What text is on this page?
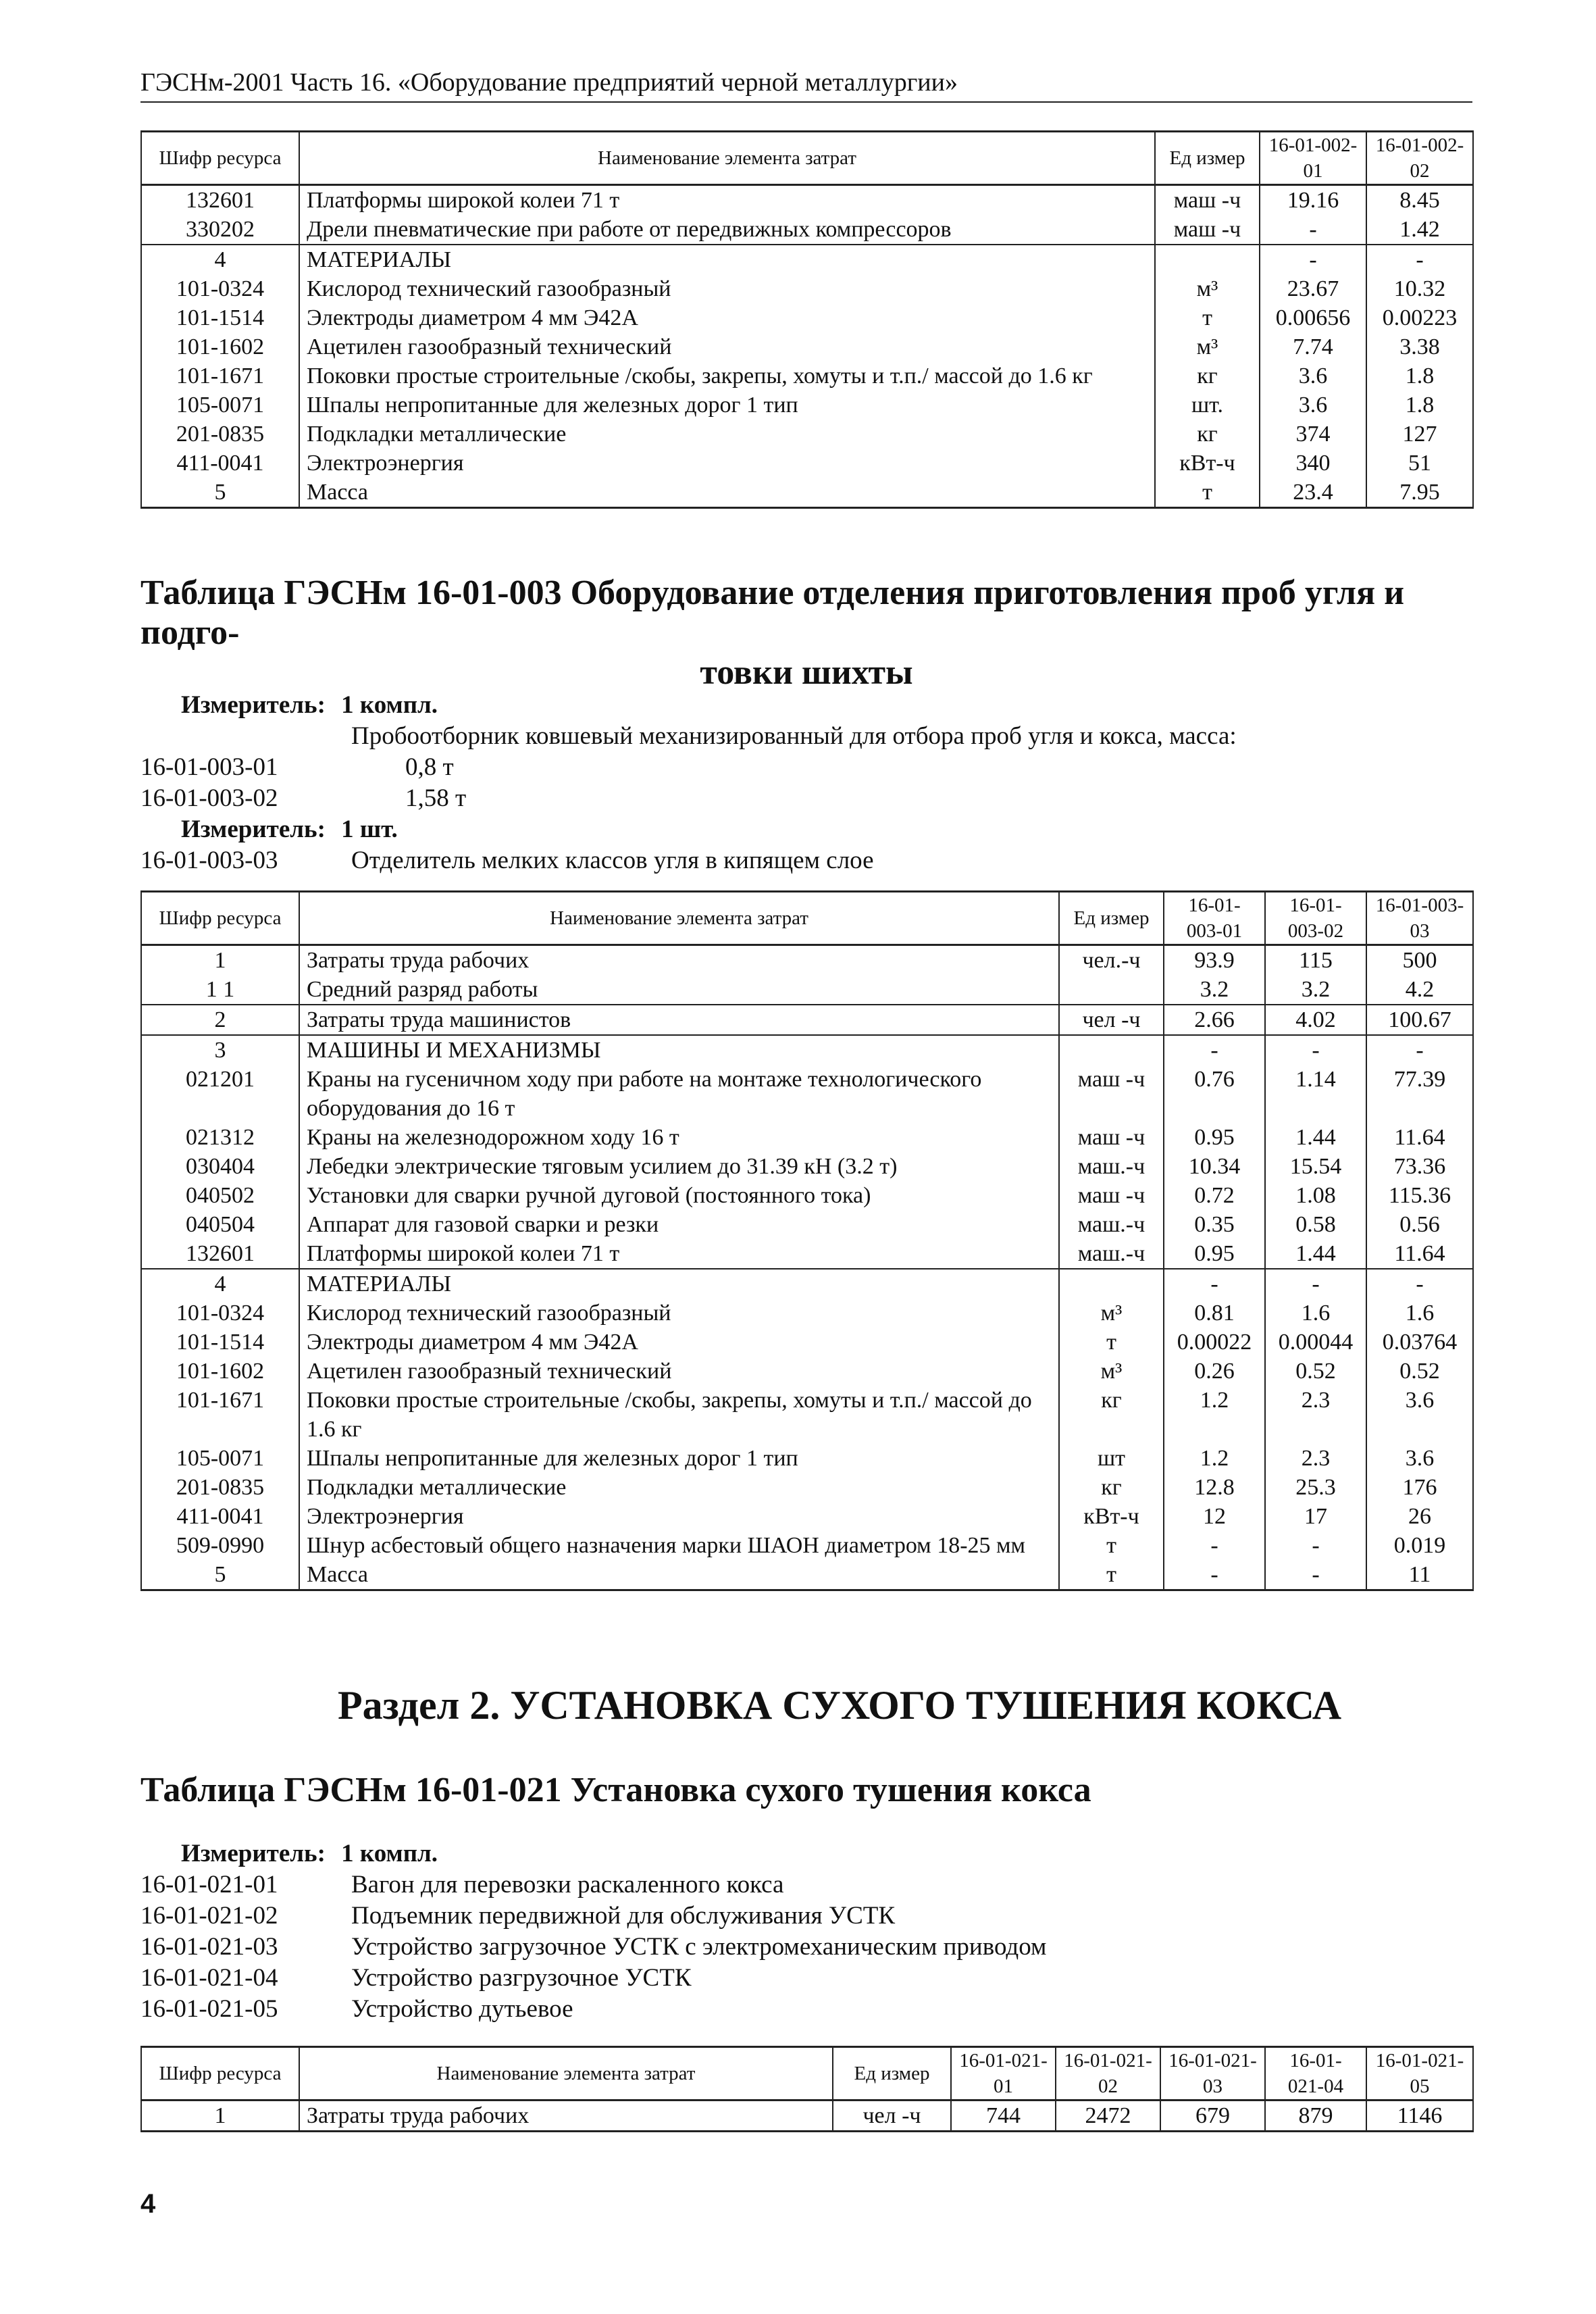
ГЭСНм-2001 Часть 16. «Оборудование предприятий черной металлургии»
Шифр ресурса	Наименование элемента затрат	Ед измер	16-01-002-01	16-01-002-02
132601	Платформы широкой колеи 71 т	маш -ч	19.16	8.45
330202	Дрели пневматические при работе от передвижных компрессоров	маш -ч	-	1.42
4	МАТЕРИАЛЫ		-	-
101-0324	Кислород технический газообразный	м³	23.67	10.32
101-1514	Электроды диаметром 4 мм Э42А	т	0.00656	0.00223
101-1602	Ацетилен газообразный технический	м³	7.74	3.38
101-1671	Поковки простые строительные /скобы, закрепы, хомуты и т.п./ массой до 1.6 кг	кг	3.6	1.8
105-0071	Шпалы непропитанные для железных дорог 1 тип	шт.	3.6	1.8
201-0835	Подкладки металлические	кг	374	127
411-0041	Электроэнергия	кВт-ч	340	51
5	Масса	т	23.4	7.95
Таблица ГЭСНм 16-01-003 Оборудование отделения приготовления проб угля и подго-
товки шихты
Измеритель: 1 компл.
Пробоотборник ковшевый механизированный для отбора проб угля и кокса, масса:
16-01-003-01	0,8 т
16-01-003-02	1,58 т
Измеритель: 1 шт.
16-01-003-03	Отделитель мелких классов угля в кипящем слое
Шифр ресурса	Наименование элемента затрат	Ед измер	16-01-003-01	16-01-003-02	16-01-003-03
1	Затраты труда рабочих	чел.-ч	93.9	115	500
1 1	Средний разряд работы		3.2	3.2	4.2
2	Затраты труда машинистов	чел -ч	2.66	4.02	100.67
3	МАШИНЫ И МЕХАНИЗМЫ		-	-	-
021201	Краны на гусеничном ходу при работе на монтаже технологического оборудования до 16 т	маш -ч	0.76	1.14	77.39
021312	Краны на железнодорожном ходу 16 т	маш -ч	0.95	1.44	11.64
030404	Лебедки электрические тяговым усилием до 31.39 кН (3.2 т)	маш.-ч	10.34	15.54	73.36
040502	Установки для сварки ручной дуговой (постоянного тока)	маш -ч	0.72	1.08	115.36
040504	Аппарат для газовой сварки и резки	маш.-ч	0.35	0.58	0.56
132601	Платформы широкой колеи 71 т	маш.-ч	0.95	1.44	11.64
4	МАТЕРИАЛЫ		-	-	-
101-0324	Кислород технический газообразный	м³	0.81	1.6	1.6
101-1514	Электроды диаметром 4 мм Э42А	т	0.00022	0.00044	0.03764
101-1602	Ацетилен газообразный технический	м³	0.26	0.52	0.52
101-1671	Поковки простые строительные /скобы, закрепы, хомуты и т.п./ массой до 1.6 кг	кг	1.2	2.3	3.6
105-0071	Шпалы непропитанные для железных дорог 1 тип	шт	1.2	2.3	3.6
201-0835	Подкладки металлические	кг	12.8	25.3	176
411-0041	Электроэнергия	кВт-ч	12	17	26
509-0990	Шнур асбестовый общего назначения марки ШАОН диаметром 18-25 мм	т	-	-	0.019
5	Масса	т	-	-	11
Раздел 2. УСТАНОВКА СУХОГО ТУШЕНИЯ КОКСА
Таблица ГЭСНм 16-01-021 Установка сухого тушения кокса
Измеритель: 1 компл.
16-01-021-01	Вагон для перевозки раскаленного кокса
16-01-021-02	Подъемник передвижной для обслуживания УСТК
16-01-021-03	Устройство загрузочное УСТК с электромеханическим приводом
16-01-021-04	Устройство разгрузочное УСТК
16-01-021-05	Устройство дутьевое
Шифр ресурса	Наименование элемента затрат	Ед измер	16-01-021-01	16-01-021-02	16-01-021-03	16-01-021-04	16-01-021-05
1	Затраты труда рабочих	чел -ч	744	2472	679	879	1146
4
